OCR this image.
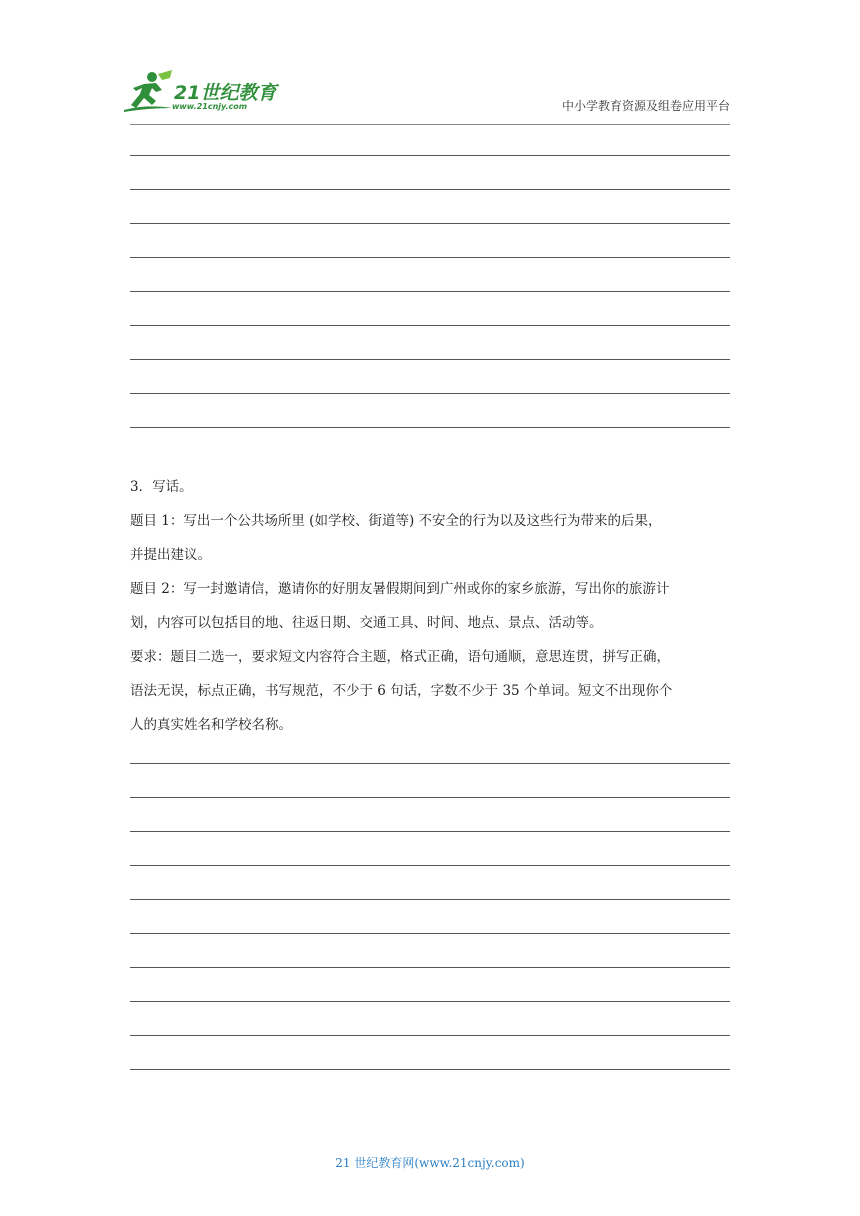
21世纪教育
www.21cnjy.com	中小学教育资源及组卷应用平台

3．写话。

题目 1：写出一个公共场所里 (如学校、街道等) 不安全的行为以及这些行为带来的后果，

并提出建议。

题目 2：写一封邀请信，邀请你的好朋友暑假期间到广州或你的家乡旅游，写出你的旅游计

划，内容可以包括目的地、往返日期、交通工具、时间、地点、景点、活动等。

要求：题目二选一，要求短文内容符合主题，格式正确，语句通顺，意思连贯，拼写正确，

语法无误，标点正确，书写规范，不少于 6 句话，字数不少于 35 个单词。短文不出现你个

人的真实姓名和学校名称。

21 世纪教育网(www.21cnjy.com)
